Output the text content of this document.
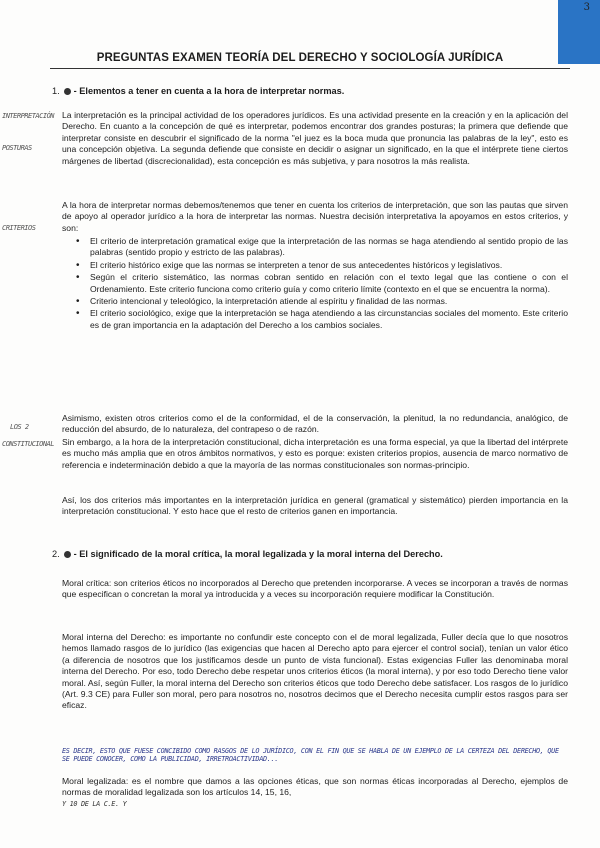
3
PREGUNTAS EXAMEN TEORÍA DEL DERECHO Y SOCIOLOGÍA JURÍDICA
1. - Elementos a tener en cuenta a la hora de interpretar normas.
INTERPRETACIÓN
POSTURAS
CRITERIOS
LOS 2
CONSTITUCIONAL
La interpretación es la principal actividad de los operadores jurídicos. Es una actividad presente en la creación y en la aplicación del Derecho. En cuanto a la concepción de qué es interpretar, podemos encontrar dos grandes posturas; la primera que defiende que interpretar consiste en descubrir el significado de la norma "el juez es la boca muda que pronuncia las palabras de la ley", esto es una concepción objetiva. La segunda defiende que consiste en decidir o asignar un significado, en la que el intérprete tiene ciertos márgenes de libertad (discrecionalidad), esta concepción es más subjetiva, y para nosotros la más realista.
A la hora de interpretar normas debemos/tenemos que tener en cuenta los criterios de interpretación, que son las pautas que sirven de apoyo al operador jurídico a la hora de interpretar las normas. Nuestra decisión interpretativa la apoyamos en estos criterios, y son:
• El criterio de interpretación gramatical exige que la interpretación de las normas se haga atendiendo al sentido propio de las palabras (sentido propio y estricto de las palabras).
• El criterio histórico exige que las normas se interpreten a tenor de sus antecedentes históricos y legislativos.
• Según el criterio sistemático, las normas cobran sentido en relación con el texto legal que las contiene o con el Ordenamiento. Este criterio funciona como criterio guía y como criterio límite (contexto en el que se encuentra la norma).
• Criterio intencional y teleológico, la interpretación atiende al espíritu y finalidad de las normas.
• El criterio sociológico, exige que la interpretación se haga atendiendo a las circunstancias sociales del momento. Este criterio es de gran importancia en la adaptación del Derecho a los cambios sociales.
Asimismo, existen otros criterios como el de la conformidad, el de la conservación, la plenitud, la no redundancia, analógico, de reducción del absurdo, de lo naturaleza, del contrapeso o de razón.
Sin embargo, a la hora de la interpretación constitucional, dicha interpretación es una forma especial, ya que la libertad del intérprete es mucho más amplia que en otros ámbitos normativos, y esto es porque: existen criterios propios, ausencia de marco normativo de referencia e indeterminación debido a que la mayoría de las normas constitucionales son normas-principio.
Así, los dos criterios más importantes en la interpretación jurídica en general (gramatical y sistemático) pierden importancia en la interpretación constitucional. Y esto hace que el resto de criterios ganen en importancia.
2. - El significado de la moral crítica, la moral legalizada y la moral interna del Derecho.
Moral crítica: son criterios éticos no incorporados al Derecho que pretenden incorporarse. A veces se incorporan a través de normas que especifican o concretan la moral ya introducida y a veces su incorporación requiere modificar la Constitución.
Moral interna del Derecho: es importante no confundir este concepto con el de moral legalizada, Fuller decía que lo que nosotros hemos llamado rasgos de lo jurídico (las exigencias que hacen al Derecho apto para ejercer el control social), tenían un valor ético (a diferencia de nosotros que los justificamos desde un punto de vista funcional). Estas exigencias Fuller las denominaba moral interna del Derecho. Por eso, todo Derecho debe respetar unos criterios éticos (la moral interna), y por eso todo Derecho tiene valor moral. Así, según Fuller, la moral interna del Derecho son criterios éticos que todo Derecho debe satisfacer. Los rasgos de lo jurídico (Art. 9.3 CE) para Fuller son moral, pero para nosotros no, nosotros decimos que el Derecho necesita cumplir estos rasgos para ser eficaz.
ES DECIR, ESTO QUE FUESE CONCIBIDO COMO RASGOS DE LO JURÍDICO, CON EL FIN QUE SE HABLA DE UN EJEMPLO DE LA CERTEZA DEL DERECHO, QUE SE PUEDE CONOCER, COMO LA PUBLICIDAD, IRRETROACTIVIDAD...
Moral legalizada: es el nombre que damos a las opciones éticas, que son normas éticas incorporadas al Derecho, ejemplos de normas de moralidad legalizada son los artículos 14, 15, 16,
Y 10 DE LA C.E. Y
